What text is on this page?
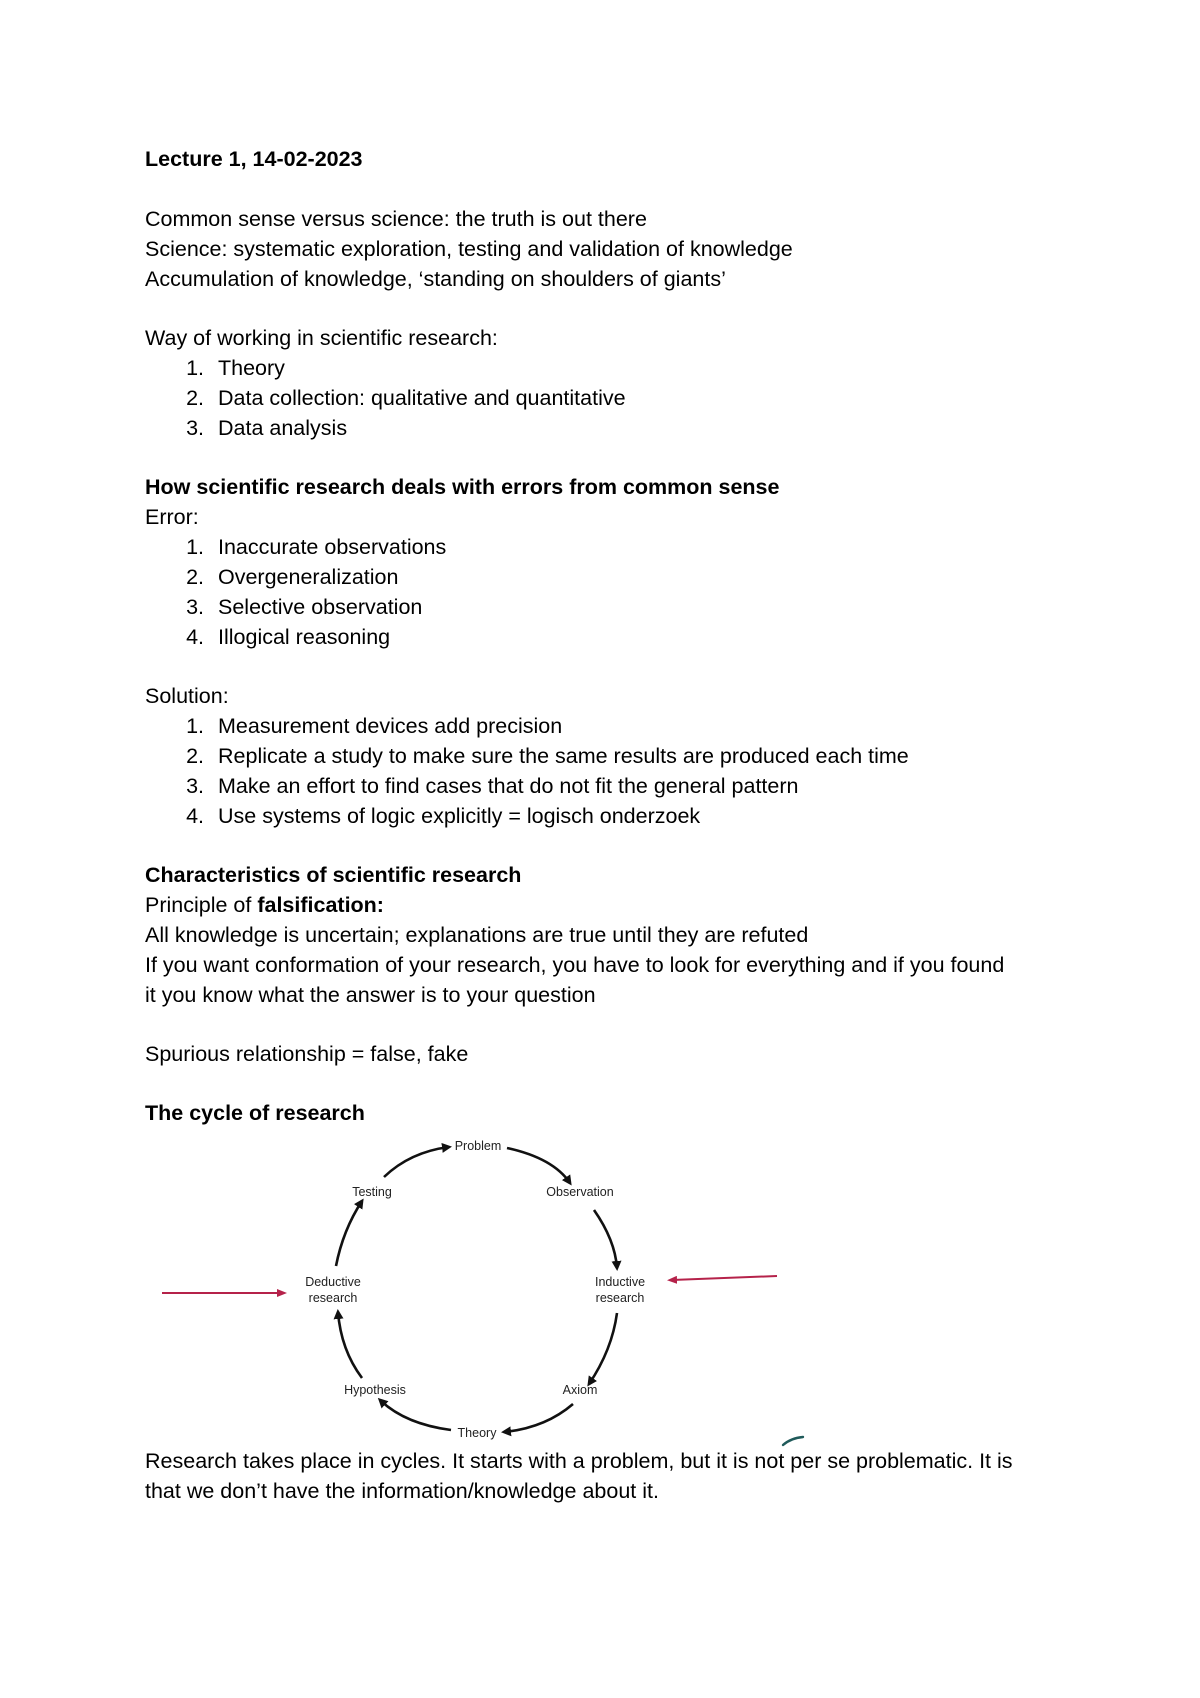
Lecture 1, 14-02-2023
Common sense versus science: the truth is out there
Science: systematic exploration, testing and validation of knowledge
Accumulation of knowledge, ‘standing on shoulders of giants’
Way of working in scientific research:
1. Theory
2. Data collection: qualitative and quantitative
3. Data analysis
How scientific research deals with errors from common sense
Error:
1. Inaccurate observations
2. Overgeneralization
3. Selective observation
4. Illogical reasoning
Solution:
1. Measurement devices add precision
2. Replicate a study to make sure the same results are produced each time
3. Make an effort to find cases that do not fit the general pattern
4. Use systems of logic explicitly = logisch onderzoek
Characteristics of scientific research
Principle of falsification:
All knowledge is uncertain; explanations are true until they are refuted
If you want conformation of your research, you have to look for everything and if you found
it you know what the answer is to your question
Spurious relationship = false, fake
The cycle of research
Problem
Observation
Inductive
research
Axiom
Theory
Hypothesis
Deductive
research
Testing
Research takes place in cycles. It starts with a problem, but it is not per se problematic. It is
that we don’t have the information/knowledge about it.
